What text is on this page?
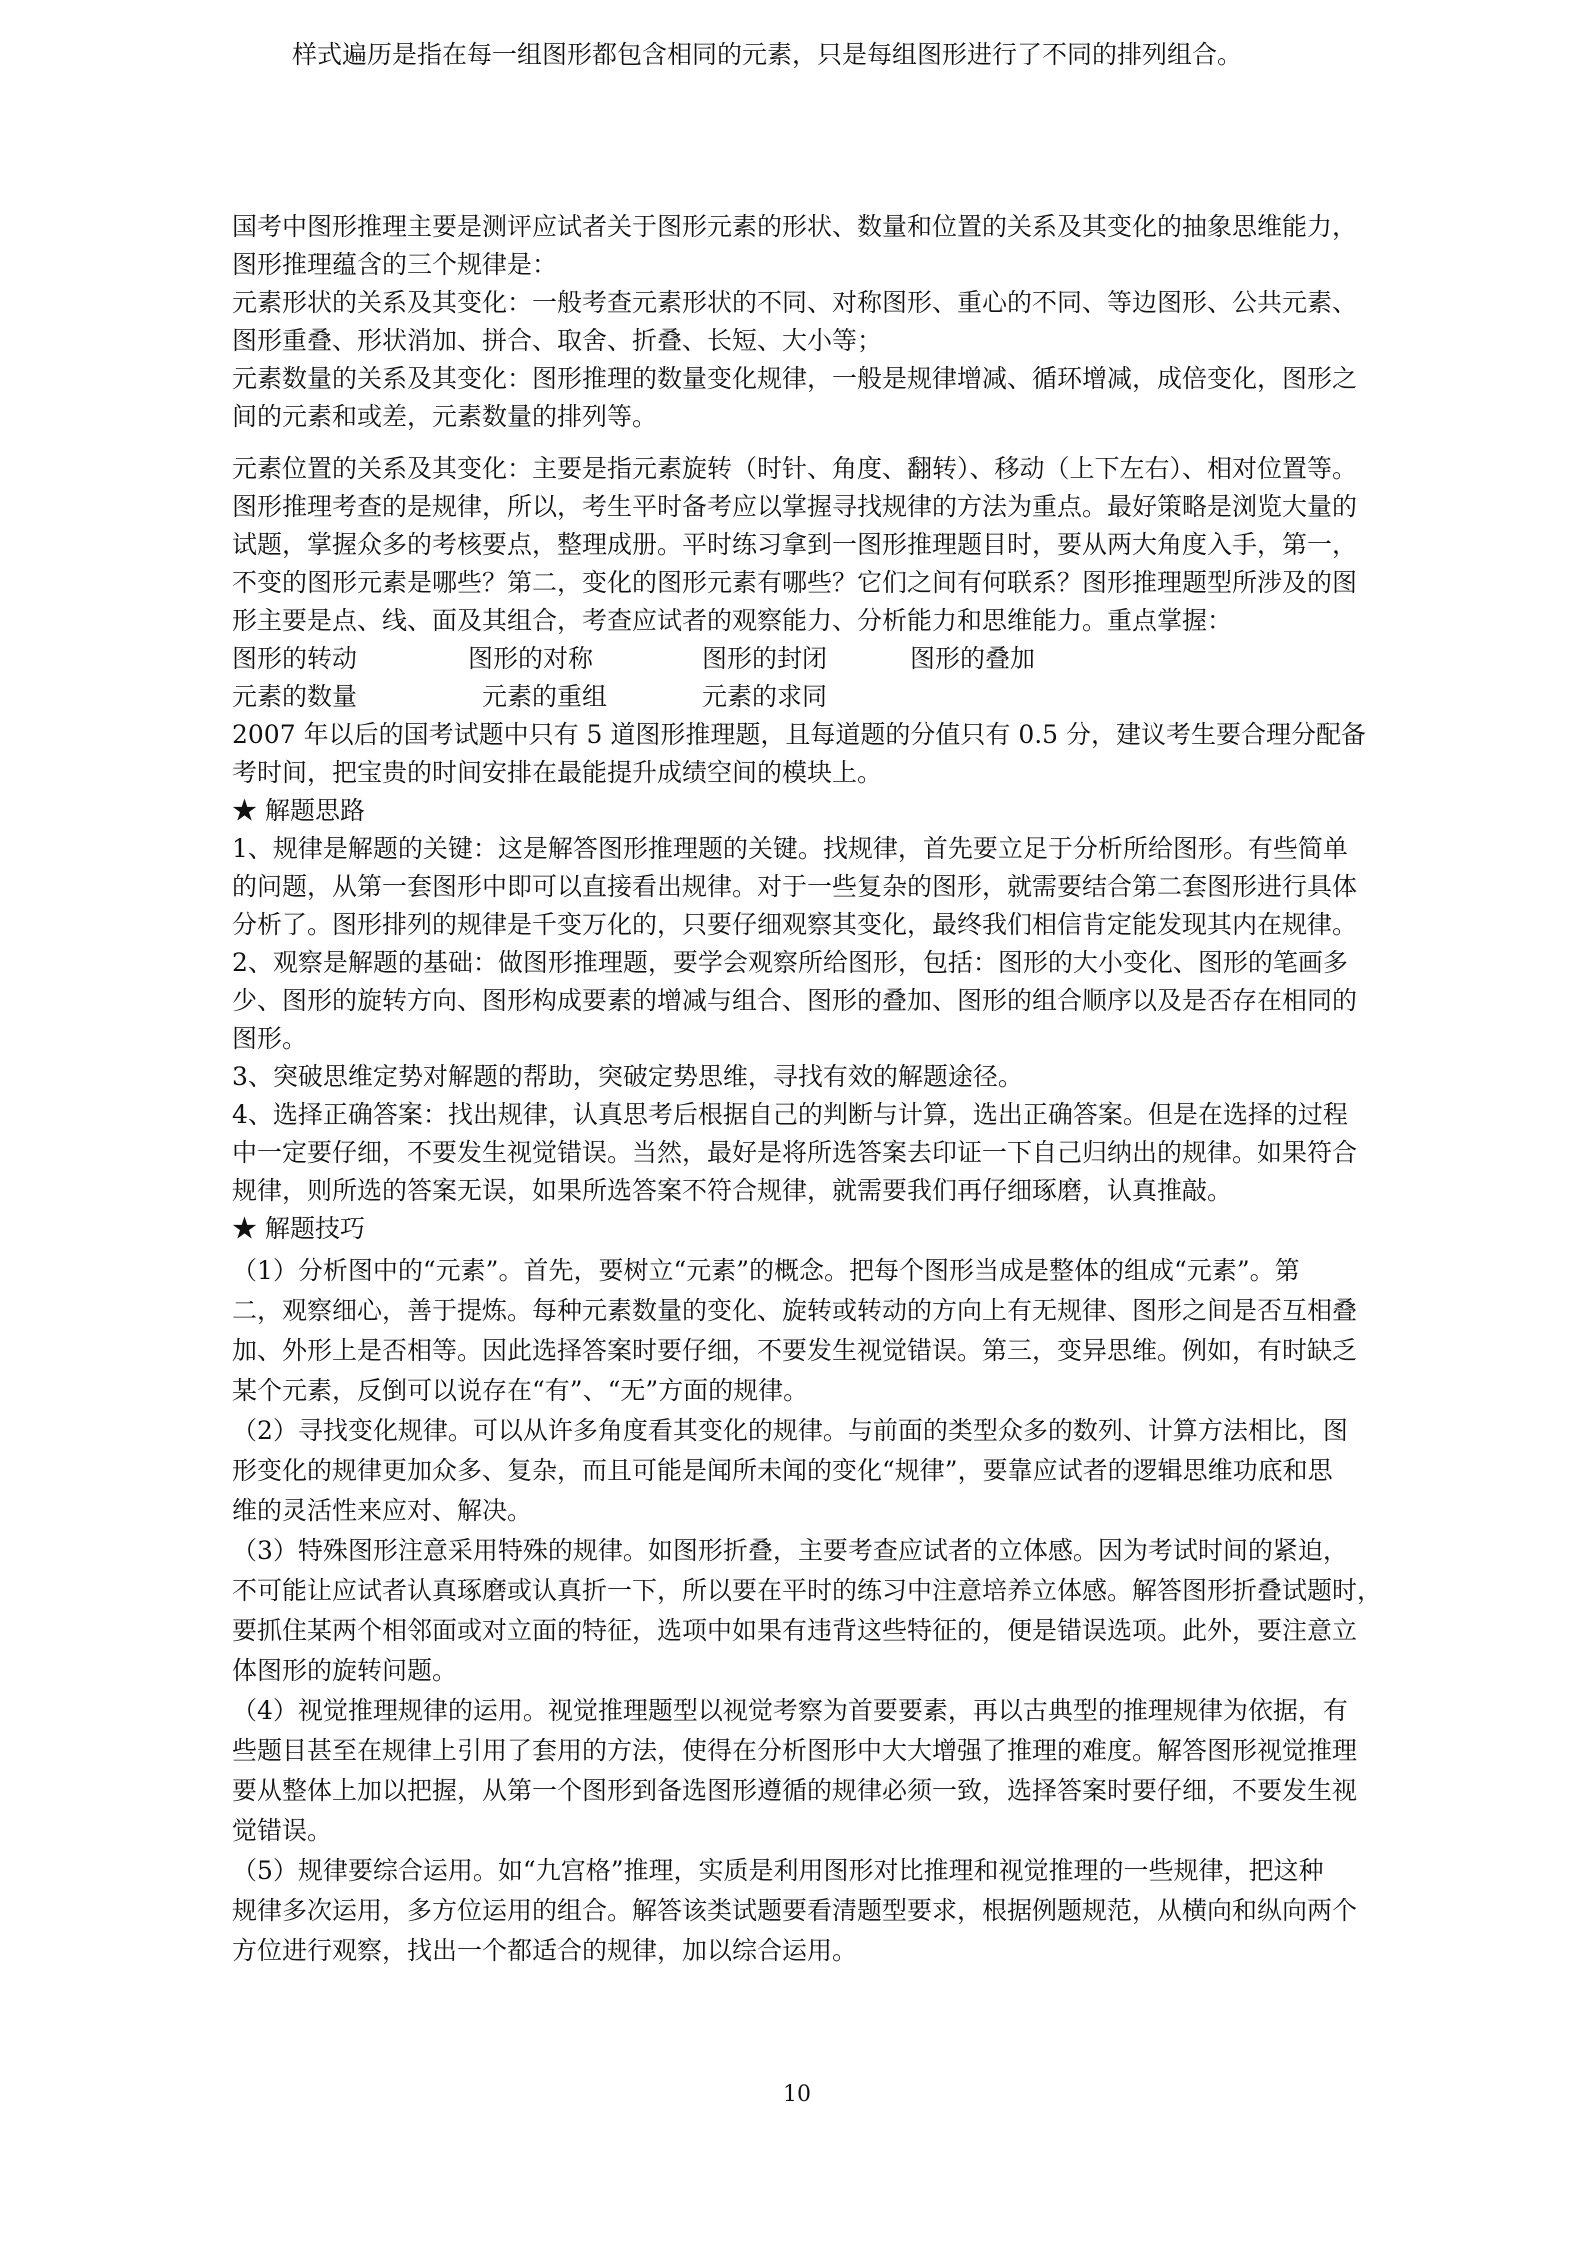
样式遍历是指在每一组图形都包含相同的元素，只是每组图形进行了不同的排列组合。
国考中图形推理主要是测评应试者关于图形元素的形状、数量和位置的关系及其变化的抽象思维能力，
图形推理蕴含的三个规律是：
元素形状的关系及其变化：一般考查元素形状的不同、对称图形、重心的不同、等边图形、公共元素、
图形重叠、形状消加、拼合、取舍、折叠、长短、大小等；
元素数量的关系及其变化：图形推理的数量变化规律，一般是规律增减、循环增减，成倍变化，图形之
间的元素和或差，元素数量的排列等。
元素位置的关系及其变化：主要是指元素旋转（时针、角度、翻转）、移动（上下左右）、相对位置等。
图形推理考查的是规律，所以，考生平时备考应以掌握寻找规律的方法为重点。最好策略是浏览大量的
试题，掌握众多的考核要点，整理成册。平时练习拿到一图形推理题目时，要从两大角度入手，第一，
不变的图形元素是哪些？第二，变化的图形元素有哪些？它们之间有何联系？图形推理题型所涉及的图
形主要是点、线、面及其组合，考查应试者的观察能力、分析能力和思维能力。重点掌握：
图形的转动	图形的对称	图形的封闭	图形的叠加
元素的数量	元素的重组	元素的求同
2007 年以后的国考试题中只有 5 道图形推理题，且每道题的分值只有 0.5 分，建议考生要合理分配备
考时间，把宝贵的时间安排在最能提升成绩空间的模块上。
★ 解题思路
1、规律是解题的关键：这是解答图形推理题的关键。找规律，首先要立足于分析所给图形。有些简单
的问题，从第一套图形中即可以直接看出规律。对于一些复杂的图形，就需要结合第二套图形进行具体
分析了。图形排列的规律是千变万化的，只要仔细观察其变化，最终我们相信肯定能发现其内在规律。
2、观察是解题的基础：做图形推理题，要学会观察所给图形，包括：图形的大小变化、图形的笔画多
少、图形的旋转方向、图形构成要素的增减与组合、图形的叠加、图形的组合顺序以及是否存在相同的
图形。
3、突破思维定势对解题的帮助，突破定势思维，寻找有效的解题途径。
4、选择正确答案：找出规律，认真思考后根据自己的判断与计算，选出正确答案。但是在选择的过程
中一定要仔细，不要发生视觉错误。当然，最好是将所选答案去印证一下自己归纳出的规律。如果符合
规律，则所选的答案无误，如果所选答案不符合规律，就需要我们再仔细琢磨，认真推敲。
★ 解题技巧
（1）分析图中的“元素”。首先，要树立“元素”的概念。把每个图形当成是整体的组成“元素”。第
二，观察细心，善于提炼。每种元素数量的变化、旋转或转动的方向上有无规律、图形之间是否互相叠
加、外形上是否相等。因此选择答案时要仔细，不要发生视觉错误。第三，变异思维。例如，有时缺乏
某个元素，反倒可以说存在“有”、“无”方面的规律。
（2）寻找变化规律。可以从许多角度看其变化的规律。与前面的类型众多的数列、计算方法相比，图
形变化的规律更加众多、复杂，而且可能是闻所未闻的变化“规律”，要靠应试者的逻辑思维功底和思
维的灵活性来应对、解决。
（3）特殊图形注意采用特殊的规律。如图形折叠，主要考查应试者的立体感。因为考试时间的紧迫，
不可能让应试者认真琢磨或认真折一下，所以要在平时的练习中注意培养立体感。解答图形折叠试题时，
要抓住某两个相邻面或对立面的特征，选项中如果有违背这些特征的，便是错误选项。此外，要注意立
体图形的旋转问题。
（4）视觉推理规律的运用。视觉推理题型以视觉考察为首要要素，再以古典型的推理规律为依据，有
些题目甚至在规律上引用了套用的方法，使得在分析图形中大大增强了推理的难度。解答图形视觉推理
要从整体上加以把握，从第一个图形到备选图形遵循的规律必须一致，选择答案时要仔细，不要发生视
觉错误。
（5）规律要综合运用。如“九宫格”推理，实质是利用图形对比推理和视觉推理的一些规律，把这种
规律多次运用，多方位运用的组合。解答该类试题要看清题型要求，根据例题规范，从横向和纵向两个
方位进行观察，找出一个都适合的规律，加以综合运用。
10
